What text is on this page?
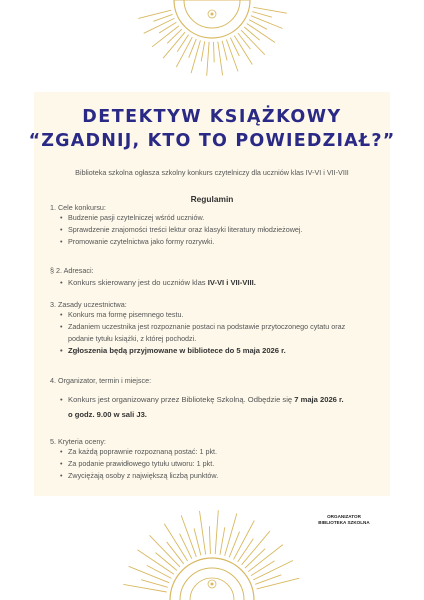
DETEKTYW KSIĄŻKOWY
“ZGADNIJ, KTO TO POWIEDZIAŁ?”
Biblioteka szkolna ogłasza szkolny konkurs czytelniczy dla uczniów klas IV-VI i VII-VIII
Regulamin
1. Cele konkursu:
• Budzenie pasji czytelniczej wśród uczniów.
• Sprawdzenie znajomości treści lektur oraz klasyki literatury młodzieżowej.
• Promowanie czytelnictwa jako formy rozrywki.
§ 2. Adresaci:
• Konkurs skierowany jest do uczniów klas IV-VI i VII-VIII.
3. Zasady uczestnictwa:
• Konkurs ma formę pisemnego testu.
• Zadaniem uczestnika jest rozpoznanie postaci na podstawie przytoczonego cytatu oraz
podanie tytułu książki, z której pochodzi.
• Zgłoszenia będą przyjmowane w bibliotece do 5 maja 2026 r.
4. Organizator, termin i miejsce:
• Konkurs jest organizowany przez Bibliotekę Szkolną. Odbędzie się 7 maja 2026 r.
o godz. 9.00 w sali J3.
5. Kryteria oceny:
• Za każdą poprawnie rozpoznaną postać: 1 pkt.
• Za podanie prawidłowego tytułu utworu: 1 pkt.
• Zwyciężają osoby z największą liczbą punktów.
ORGANIZATOR
BIBLIOTEKA SZKOLNA
